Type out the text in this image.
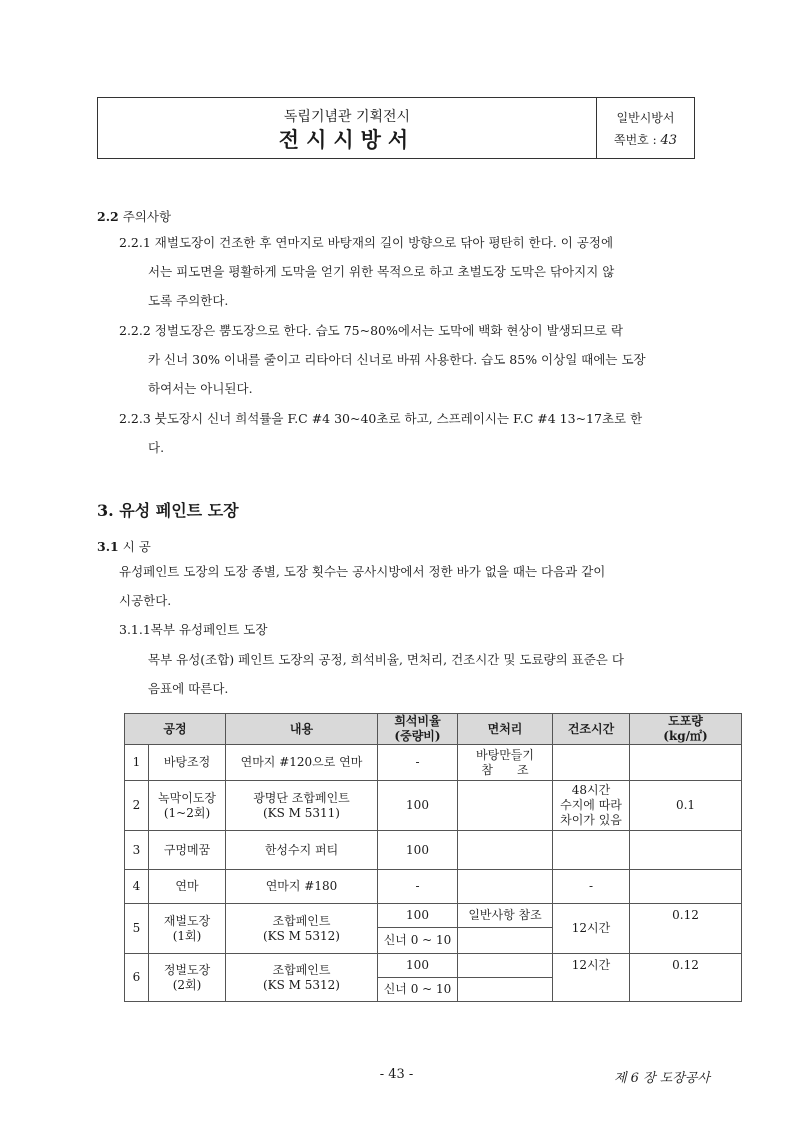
독립기념관 기획전시
전시시방서
일반시방서
쪽번호 : 43
2.2 주의사항
2.2.1 재벌도장이 건조한 후 연마지로 바탕재의 길이 방향으로 닦아 평탄히 한다. 이 공정에
서는 피도면을 평활하게 도막을 얻기 위한 목적으로 하고 초벌도장 도막은 닦아지지 않
도록 주의한다.
2.2.2 정벌도장은 뿜도장으로 한다. 습도 75~80%에서는 도막에 백화 현상이 발생되므로 락
카 신너 30% 이내를 줄이고 리타아더 신너로 바꿔 사용한다. 습도 85% 이상일 때에는 도장
하여서는 아니된다.
2.2.3 붓도장시 신너 희석률을 F.C #4 30~40초로 하고, 스프레이시는 F.C #4 13~17초로 한
다.
3. 유성 페인트 도장
3.1 시 공
유성페인트 도장의 도장 종별, 도장 횟수는 공사시방에서 정한 바가 없을 때는 다음과 같이
시공한다.
3.1.1목부 유성페인트 도장
목부 유성(조합) 페인트 도장의 공정, 희석비율, 면처리, 건조시간 및 도료량의 표준은 다
음표에 따른다.
공정		내용	희석비율
(중량비)	면처리	건조시간	도포량
(kg/㎡)
1	바탕조정	연마지 #120으로 연마	-	바탕만들기
참　　조		
2	녹막이도장
(1~2회)	광명단 조합페인트
(KS M 5311)	100		48시간
수지에 따라
차이가 있음	0.1
3	구멍메꿈	한성수지 퍼티	100			
4	연마	연마지 #180	-		-	
5	재벌도장
(1회)	조합페인트
(KS M 5312)	100	일반사항 참조	12시간	0.12
			신너 0 ~ 10			
6	정벌도장
(2회)	조합페인트
(KS M 5312)	100		12시간	0.12
			신너 0 ~ 10			
- 43 -	제 6 장 도장공사
